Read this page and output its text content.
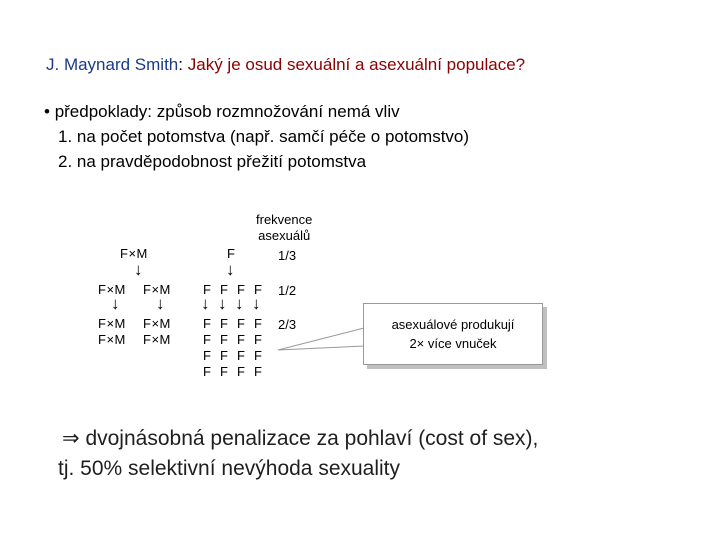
J. Maynard Smith: Jaký je osud sexuální a asexuální populace?
• předpoklady: způsob rozmnožování nemá vliv
1. na počet potomstva (např. samčí péče o potomstvo)
2. na pravděpodobnost přežití potomstva
F×M
↓
F×M F×M
↓ ↓
F×M F×M
F×M F×M
F
↓
F F F F
↓ ↓ ↓ ↓
F F F F
F F F F
F F F F
F F F F
frekvence
asexuálů
1/3
1/2
2/3	asexuálové produkují
2× více vnuček
⇒ dvojnásobná penalizace za pohlaví (cost of sex),
tj. 50% selektivní nevýhoda sexuality
